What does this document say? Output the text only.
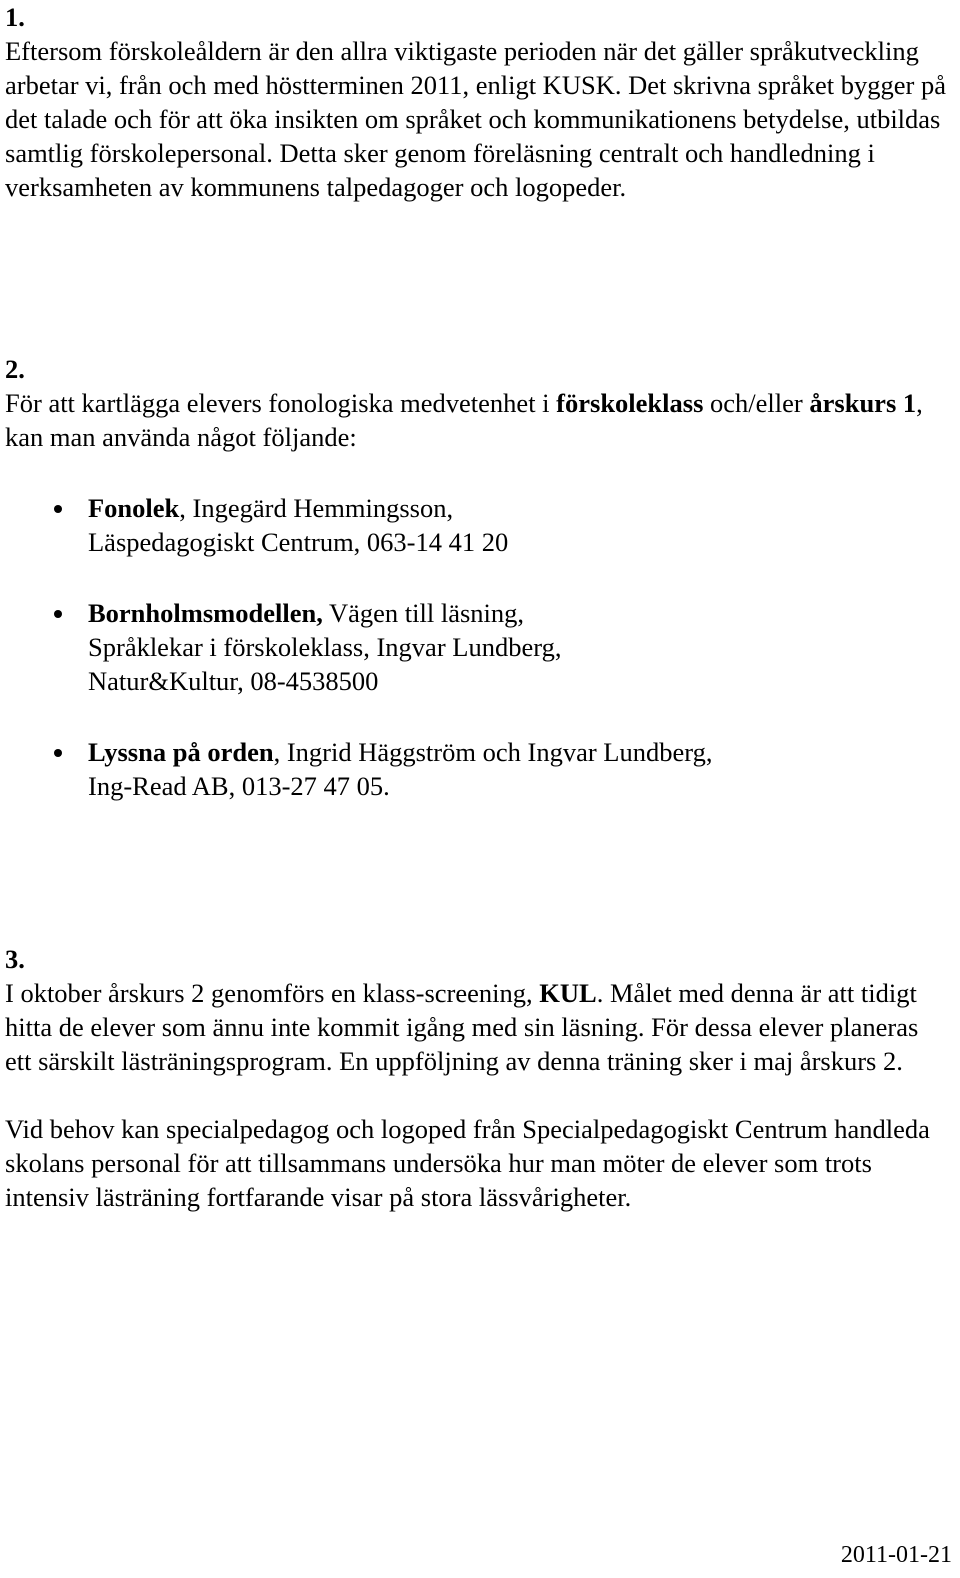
1.

Eftersom förskoleåldern är den allra viktigaste perioden när det gäller språkutveckling arbetar vi, från och med höstterminen 2011, enligt KUSK. Det skrivna språket bygger på det talade och för att öka insikten om språket och kommunikationens betydelse, utbildas samtlig förskolepersonal. Detta sker genom föreläsning centralt och handledning i verksamheten av kommunens talpedagoger och logopeder.

2.

För att kartlägga elevers fonologiska medvetenhet i förskoleklass och/eller årskurs 1, kan man använda något följande:

Fonolek, Ingegärd Hemmingsson,
Läspedagogiskt Centrum, 063-14 41 20
Bornholmsmodellen, Vägen till läsning,
Språklekar i förskoleklass, Ingvar Lundberg,
Natur&Kultur, 08-4538500
Lyssna på orden, Ingrid Häggström och Ingvar Lundberg,
Ing-Read AB, 013-27 47 05.

3.

I oktober årskurs 2 genomförs en klass-screening, KUL. Målet med denna är att tidigt hitta de elever som ännu inte kommit igång med sin läsning. För dessa elever planeras ett särskilt lästräningsprogram. En uppföljning av denna träning sker i maj årskurs 2.

Vid behov kan specialpedagog och logoped från Specialpedagogiskt Centrum handleda skolans personal för att tillsammans undersöka hur man möter de elever som trots intensiv lästräning fortfarande visar på stora lässvårigheter.

2011-01-21
